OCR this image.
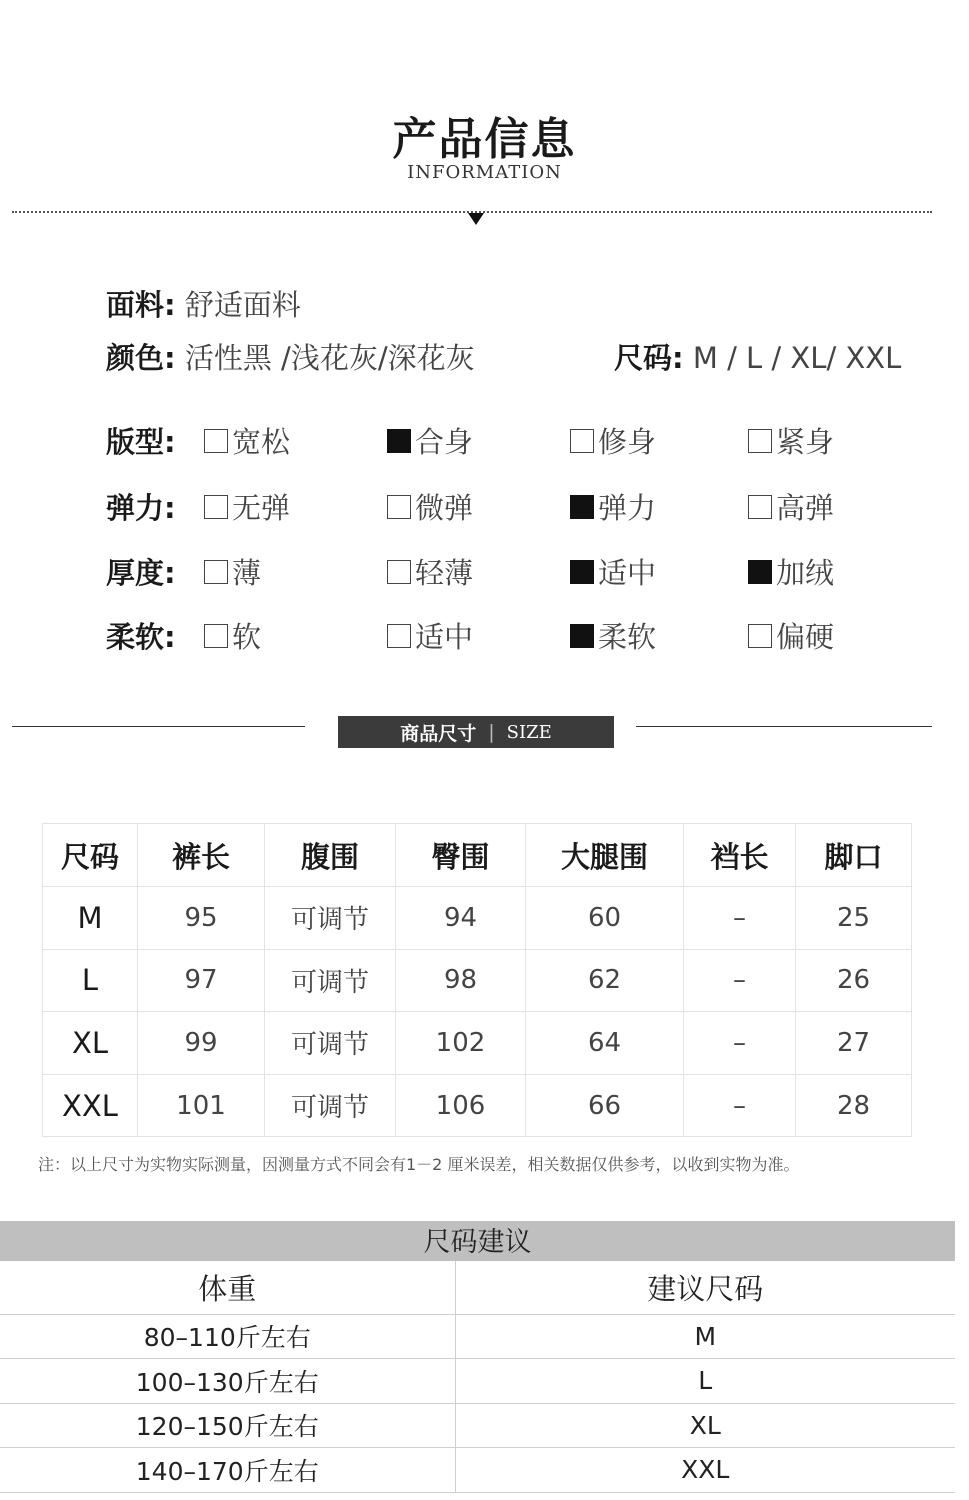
产品信息
INFORMATION
面料: 舒适面料
颜色: 活性黑 /浅花灰/深花灰	尺码: M / L / XL/ XXL
版型: 宽松	合身	修身	紧身
弹力: 无弹	微弹	弹力	高弹
厚度: 薄	轻薄	适中	加绒
柔软: 软	适中	柔软	偏硬
商品尺寸 | SIZE
尺码	裤长	腹围	臀围	大腿围	裆长	脚口
M	95	可调节	94	60	–	25
L	97	可调节	98	62	–	26
XL	99	可调节	102	64	–	27
XXL	101	可调节	106	66	–	28
注：以上尺寸为实物实际测量，因测量方式不同会有1－2 厘米误差，相关数据仅供参考，以收到实物为准。
尺码建议
体重	建议尺码
80–110斤左右	M
100–130斤左右	L
120–150斤左右	XL
140–170斤左右	XXL
